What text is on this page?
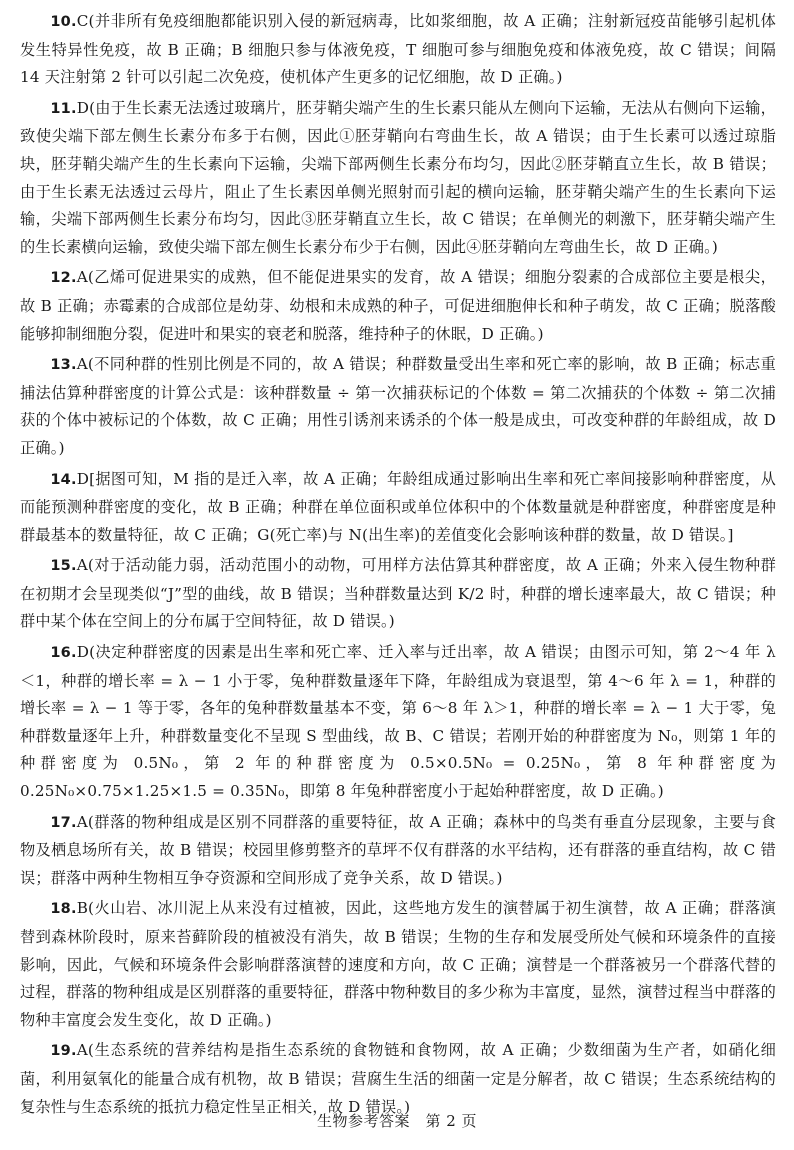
10.C(并非所有免疫细胞都能识别入侵的新冠病毒，比如浆细胞，故 A 正确；注射新冠疫苗能够引起机体发生特异性免疫，故 B 正确；B 细胞只参与体液免疫，T 细胞可参与细胞免疫和体液免疫，故 C 错误；间隔 14 天注射第 2 针可以引起二次免疫，使机体产生更多的记忆细胞，故 D 正确。)

11.D(由于生长素无法透过玻璃片，胚芽鞘尖端产生的生长素只能从左侧向下运输，无法从右侧向下运输，致使尖端下部左侧生长素分布多于右侧，因此①胚芽鞘向右弯曲生长，故 A 错误；由于生长素可以透过琼脂块，胚芽鞘尖端产生的生长素向下运输，尖端下部两侧生长素分布均匀，因此②胚芽鞘直立生长，故 B 错误；由于生长素无法透过云母片，阻止了生长素因单侧光照射而引起的横向运输，胚芽鞘尖端产生的生长素向下运输，尖端下部两侧生长素分布均匀，因此③胚芽鞘直立生长，故 C 错误；在单侧光的刺激下，胚芽鞘尖端产生的生长素横向运输，致使尖端下部左侧生长素分布少于右侧，因此④胚芽鞘向左弯曲生长，故 D 正确。)

12.A(乙烯可促进果实的成熟，但不能促进果实的发育，故 A 错误；细胞分裂素的合成部位主要是根尖，故 B 正确；赤霉素的合成部位是幼芽、幼根和未成熟的种子，可促进细胞伸长和种子萌发，故 C 正确；脱落酸能够抑制细胞分裂，促进叶和果实的衰老和脱落，维持种子的休眠，D 正确。)

13.A(不同种群的性别比例是不同的，故 A 错误；种群数量受出生率和死亡率的影响，故 B 正确；标志重捕法估算种群密度的计算公式是：该种群数量 ÷ 第一次捕获标记的个体数 = 第二次捕获的个体数 ÷ 第二次捕获的个体中被标记的个体数，故 C 正确；用性引诱剂来诱杀的个体一般是成虫，可改变种群的年龄组成，故 D 正确。)

14.D[据图可知，M 指的是迁入率，故 A 正确；年龄组成通过影响出生率和死亡率间接影响种群密度，从而能预测种群密度的变化，故 B 正确；种群在单位面积或单位体积中的个体数量就是种群密度，种群密度是种群最基本的数量特征，故 C 正确；G(死亡率)与 N(出生率)的差值变化会影响该种群的数量，故 D 错误。]

15.A(对于活动能力弱，活动范围小的动物，可用样方法估算其种群密度，故 A 正确；外来入侵生物种群在初期才会呈现类似“J”型的曲线，故 B 错误；当种群数量达到 K/2 时，种群的增长速率最大，故 C 错误；种群中某个体在空间上的分布属于空间特征，故 D 错误。)

16.D(决定种群密度的因素是出生率和死亡率、迁入率与迁出率，故 A 错误；由图示可知，第 2～4 年 λ＜1，种群的增长率 = λ − 1 小于零，兔种群数量逐年下降，年龄组成为衰退型，第 4～6 年 λ = 1，种群的增长率 = λ − 1 等于零，各年的兔种群数量基本不变，第 6～8 年 λ＞1，种群的增长率 = λ − 1 大于零，兔种群数量逐年上升，种群数量变化不呈现 S 型曲线，故 B、C 错误；若刚开始的种群密度为 N₀，则第 1 年的种群密度为 0.5N₀，第 2 年的种群密度为 0.5×0.5N₀ = 0.25N₀，第 8 年种群密度为 0.25N₀×0.75×1.25×1.5 = 0.35N₀，即第 8 年兔种群密度小于起始种群密度，故 D 正确。)

17.A(群落的物种组成是区别不同群落的重要特征，故 A 正确；森林中的鸟类有垂直分层现象，主要与食物及栖息场所有关，故 B 错误；校园里修剪整齐的草坪不仅有群落的水平结构，还有群落的垂直结构，故 C 错误；群落中两种生物相互争夺资源和空间形成了竞争关系，故 D 错误。)

18.B(火山岩、冰川泥上从来没有过植被，因此，这些地方发生的演替属于初生演替，故 A 正确；群落演替到森林阶段时，原来苔藓阶段的植被没有消失，故 B 错误；生物的生存和发展受所处气候和环境条件的直接影响，因此，气候和环境条件会影响群落演替的速度和方向，故 C 正确；演替是一个群落被另一个群落代替的过程，群落的物种组成是区别群落的重要特征，群落中物种数目的多少称为丰富度，显然，演替过程当中群落的物种丰富度会发生变化，故 D 正确。)

19.A(生态系统的营养结构是指生态系统的食物链和食物网，故 A 正确；少数细菌为生产者，如硝化细菌，利用氨氧化的能量合成有机物，故 B 错误；营腐生生活的细菌一定是分解者，故 C 错误；生态系统结构的复杂性与生态系统的抵抗力稳定性呈正相关，故 D 错误。)

生物参考答案　 第 2 页
